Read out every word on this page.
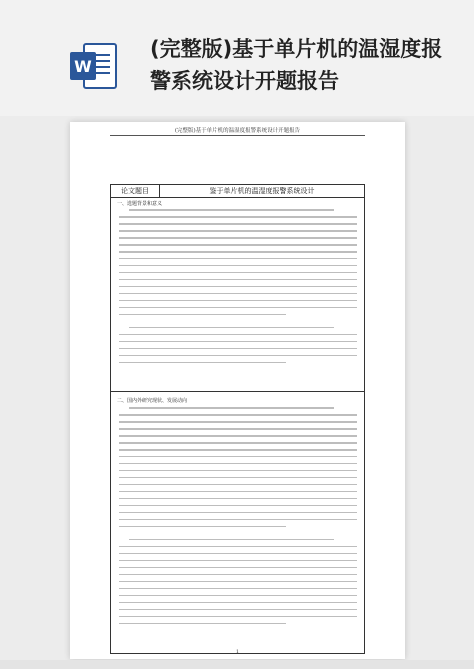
W
(完整版)基于单片机的温湿度报警系统设计开题报告
(完整版)基于单片机的温湿度报警系统设计开题报告
论文题目	鉴于单片机的温湿度报警系统设计
一、选题背景和意义
二、国内外研究现状、发展动向
1
